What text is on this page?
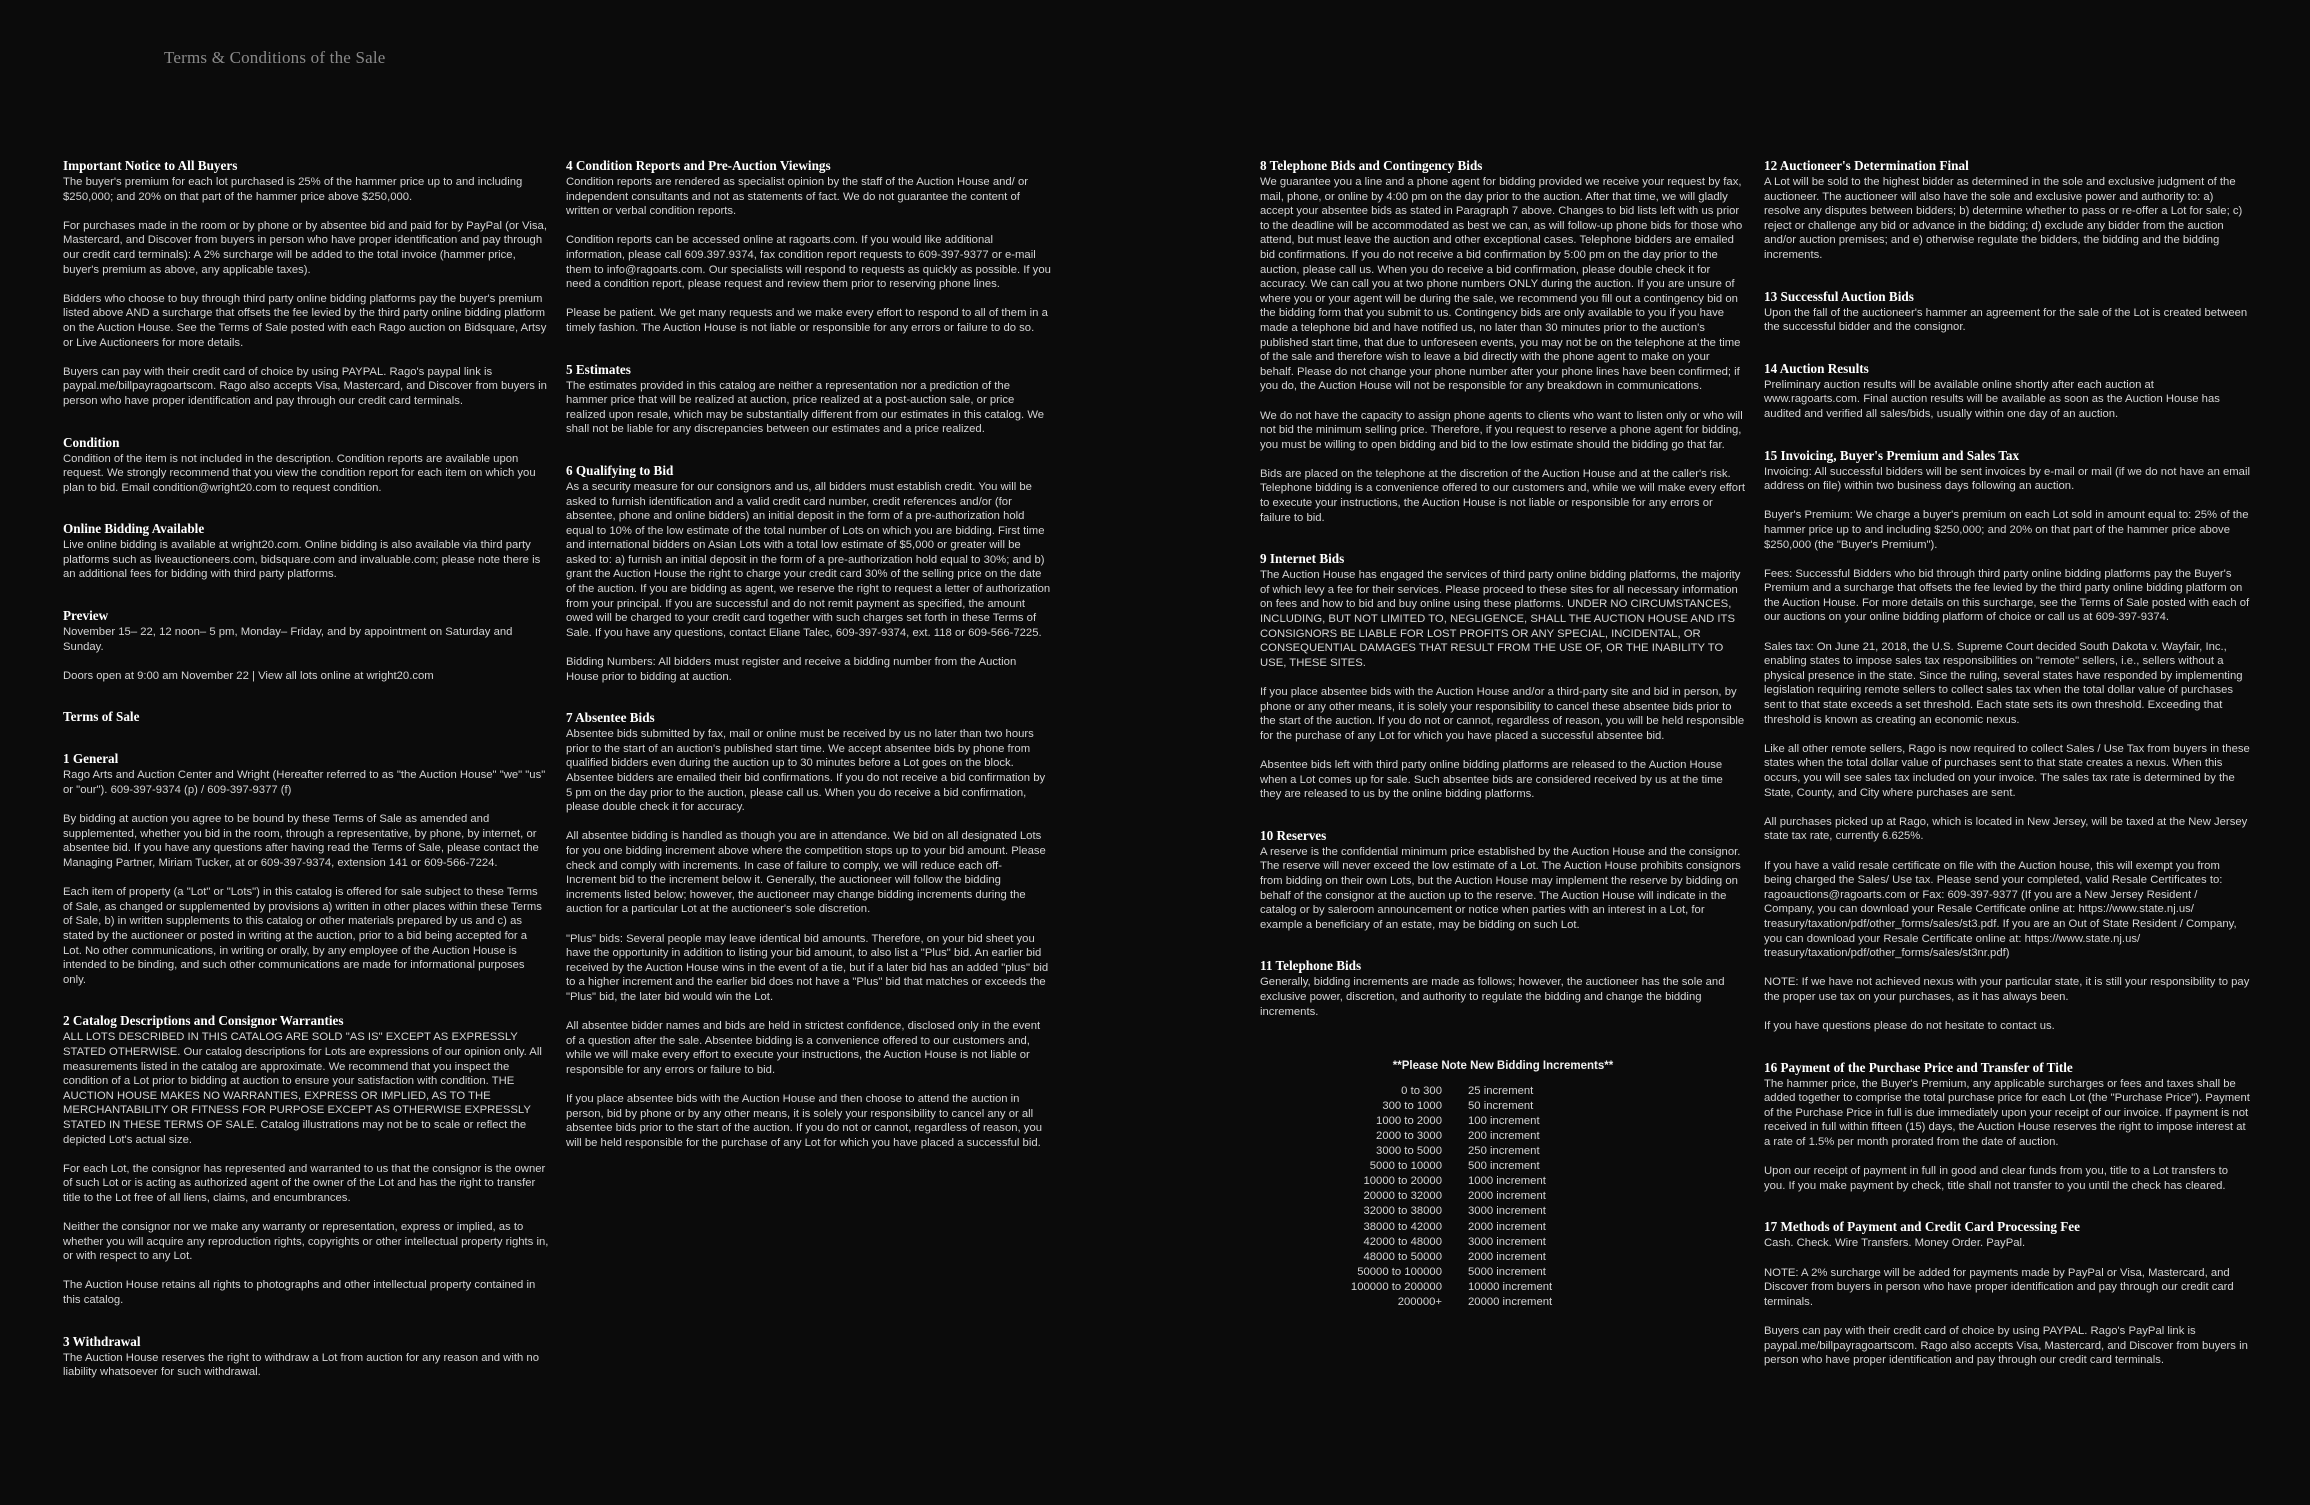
Terms & Conditions of the Sale
Important Notice to All Buyers

The buyer's premium for each lot purchased is 25% of the hammer price up to and including $250,000; and 20% on that part of the hammer price above $250,000.

For purchases made in the room or by phone or by absentee bid and paid for by PayPal (or Visa, Mastercard, and Discover from buyers in person who have proper identification and pay through our credit card terminals): A 2% surcharge will be added to the total invoice (hammer price, buyer's premium as above, any applicable taxes).

Bidders who choose to buy through third party online bidding platforms pay the buyer's premium listed above AND a surcharge that offsets the fee levied by the third party online bidding platform on the Auction House. See the Terms of Sale posted with each Rago auction on Bidsquare, Artsy or Live Auctioneers for more details.

Buyers can pay with their credit card of choice by using PAYPAL. Rago's paypal link is paypal.me/billpayragoartscom. Rago also accepts Visa, Mastercard, and Discover from buyers in person who have proper identification and pay through our credit card terminals.

Condition

Condition of the item is not included in the description. Condition reports are available upon request. We strongly recommend that you view the condition report for each item on which you plan to bid. Email condition@wright20.com to request condition.

Online Bidding Available

Live online bidding is available at wright20.com. Online bidding is also available via third party platforms such as liveauctioneers.com, bidsquare.com and invaluable.com; please note there is an additional fees for bidding with third party platforms.

Preview

November 15– 22, 12 noon– 5 pm, Monday– Friday, and by appointment on Saturday and Sunday.

Doors open at 9:00 am November 22 | View all lots online at wright20.com

Terms of Sale
1 General

Rago Arts and Auction Center and Wright (Hereafter referred to as "the Auction House" "we" "us" or "our"). 609-397-9374 (p) / 609-397-9377 (f)

By bidding at auction you agree to be bound by these Terms of Sale as amended and supplemented, whether you bid in the room, through a representative, by phone, by internet, or absentee bid. If you have any questions after having read the Terms of Sale, please contact the Managing Partner, Miriam Tucker, at or 609-397-9374, extension 141 or 609-566-7224.

Each item of property (a "Lot" or "Lots") in this catalog is offered for sale subject to these Terms of Sale, as changed or supplemented by provisions a) written in other places within these Terms of Sale, b) in written supplements to this catalog or other materials prepared by us and c) as stated by the auctioneer or posted in writing at the auction, prior to a bid being accepted for a Lot. No other communications, in writing or orally, by any employee of the Auction House is intended to be binding, and such other communications are made for informational purposes only.

2 Catalog Descriptions and Consignor Warranties

ALL LOTS DESCRIBED IN THIS CATALOG ARE SOLD "AS IS" EXCEPT AS EXPRESSLY STATED OTHERWISE. Our catalog descriptions for Lots are expressions of our opinion only. All measurements listed in the catalog are approximate. We recommend that you inspect the condition of a Lot prior to bidding at auction to ensure your satisfaction with condition. THE AUCTION HOUSE MAKES NO WARRANTIES, EXPRESS OR IMPLIED, AS TO THE MERCHANTABILITY OR FITNESS FOR PURPOSE EXCEPT AS OTHERWISE EXPRESSLY STATED IN THESE TERMS OF SALE. Catalog illustrations may not be to scale or reflect the depicted Lot's actual size.

For each Lot, the consignor has represented and warranted to us that the consignor is the owner of such Lot or is acting as authorized agent of the owner of the Lot and has the right to transfer title to the Lot free of all liens, claims, and encumbrances.

Neither the consignor nor we make any warranty or representation, express or implied, as to whether you will acquire any reproduction rights, copyrights or other intellectual property rights in, or with respect to any Lot.

The Auction House retains all rights to photographs and other intellectual property contained in this catalog.

3 Withdrawal

The Auction House reserves the right to withdraw a Lot from auction for any reason and with no liability whatsoever for such withdrawal.

4 Condition Reports and Pre-Auction Viewings

Condition reports are rendered as specialist opinion by the staff of the Auction House and/ or independent consultants and not as statements of fact. We do not guarantee the content of written or verbal condition reports.

Condition reports can be accessed online at ragoarts.com. If you would like additional information, please call 609.397.9374, fax condition report requests to 609-397-9377 or e-mail them to info@ragoarts.com. Our specialists will respond to requests as quickly as possible. If you need a condition report, please request and review them prior to reserving phone lines.

Please be patient. We get many requests and we make every effort to respond to all of them in a timely fashion. The Auction House is not liable or responsible for any errors or failure to do so.

5 Estimates

The estimates provided in this catalog are neither a representation nor a prediction of the hammer price that will be realized at auction, price realized at a post-auction sale, or price realized upon resale, which may be substantially different from our estimates in this catalog. We shall not be liable for any discrepancies between our estimates and a price realized.

6 Qualifying to Bid

As a security measure for our consignors and us, all bidders must establish credit. You will be asked to furnish identification and a valid credit card number, credit references and/or (for absentee, phone and online bidders) an initial deposit in the form of a pre-authorization hold equal to 10% of the low estimate of the total number of Lots on which you are bidding. First time and international bidders on Asian Lots with a total low estimate of $5,000 or greater will be asked to: a) furnish an initial deposit in the form of a pre-authorization hold equal to 30%; and b) grant the Auction House the right to charge your credit card 30% of the selling price on the date of the auction. If you are bidding as agent, we reserve the right to request a letter of authorization from your principal. If you are successful and do not remit payment as specified, the amount owed will be charged to your credit card together with such charges set forth in these Terms of Sale. If you have any questions, contact Eliane Talec, 609-397-9374, ext. 118 or 609-566-7225.

Bidding Numbers: All bidders must register and receive a bidding number from the Auction House prior to bidding at auction.

7 Absentee Bids

Absentee bids submitted by fax, mail or online must be received by us no later than two hours prior to the start of an auction's published start time. We accept absentee bids by phone from qualified bidders even during the auction up to 30 minutes before a Lot goes on the block. Absentee bidders are emailed their bid confirmations. If you do not receive a bid confirmation by 5 pm on the day prior to the auction, please call us. When you do receive a bid confirmation, please double check it for accuracy.

All absentee bidding is handled as though you are in attendance. We bid on all designated Lots for you one bidding increment above where the competition stops up to your bid amount. Please check and comply with increments. In case of failure to comply, we will reduce each off-Increment bid to the increment below it. Generally, the auctioneer will follow the bidding increments listed below; however, the auctioneer may change bidding increments during the auction for a particular Lot at the auctioneer's sole discretion.

"Plus" bids: Several people may leave identical bid amounts. Therefore, on your bid sheet you have the opportunity in addition to listing your bid amount, to also list a "Plus" bid. An earlier bid received by the Auction House wins in the event of a tie, but if a later bid has an added "plus" bid to a higher increment and the earlier bid does not have a "Plus" bid that matches or exceeds the "Plus" bid, the later bid would win the Lot.

All absentee bidder names and bids are held in strictest confidence, disclosed only in the event of a question after the sale. Absentee bidding is a convenience offered to our customers and, while we will make every effort to execute your instructions, the Auction House is not liable or responsible for any errors or failure to bid.

If you place absentee bids with the Auction House and then choose to attend the auction in person, bid by phone or by any other means, it is solely your responsibility to cancel any or all absentee bids prior to the start of the auction. If you do not or cannot, regardless of reason, you will be held responsible for the purchase of any Lot for which you have placed a successful bid.

8 Telephone Bids and Contingency Bids

We guarantee you a line and a phone agent for bidding provided we receive your request by fax, mail, phone, or online by 4:00 pm on the day prior to the auction. After that time, we will gladly accept your absentee bids as stated in Paragraph 7 above. Changes to bid lists left with us prior to the deadline will be accommodated as best we can, as will follow-up phone bids for those who attend, but must leave the auction and other exceptional cases. Telephone bidders are emailed bid confirmations. If you do not receive a bid confirmation by 5:00 pm on the day prior to the auction, please call us. When you do receive a bid confirmation, please double check it for accuracy. We can call you at two phone numbers ONLY during the auction. If you are unsure of where you or your agent will be during the sale, we recommend you fill out a contingency bid on the bidding form that you submit to us. Contingency bids are only available to you if you have made a telephone bid and have notified us, no later than 30 minutes prior to the auction's published start time, that due to unforeseen events, you may not be on the telephone at the time of the sale and therefore wish to leave a bid directly with the phone agent to make on your behalf. Please do not change your phone number after your phone lines have been confirmed; if you do, the Auction House will not be responsible for any breakdown in communications.

We do not have the capacity to assign phone agents to clients who want to listen only or who will not bid the minimum selling price. Therefore, if you request to reserve a phone agent for bidding, you must be willing to open bidding and bid to the low estimate should the bidding go that far.

Bids are placed on the telephone at the discretion of the Auction House and at the caller's risk. Telephone bidding is a convenience offered to our customers and, while we will make every effort to execute your instructions, the Auction House is not liable or responsible for any errors or failure to bid.

9 Internet Bids

The Auction House has engaged the services of third party online bidding platforms, the majority of which levy a fee for their services. Please proceed to these sites for all necessary information on fees and how to bid and buy online using these platforms. UNDER NO CIRCUMSTANCES, INCLUDING, BUT NOT LIMITED TO, NEGLIGENCE, SHALL THE AUCTION HOUSE AND ITS CONSIGNORS BE LIABLE FOR LOST PROFITS OR ANY SPECIAL, INCIDENTAL, OR CONSEQUENTIAL DAMAGES THAT RESULT FROM THE USE OF, OR THE INABILITY TO USE, THESE SITES.

If you place absentee bids with the Auction House and/or a third-party site and bid in person, by phone or any other means, it is solely your responsibility to cancel these absentee bids prior to the start of the auction. If you do not or cannot, regardless of reason, you will be held responsible for the purchase of any Lot for which you have placed a successful absentee bid.

Absentee bids left with third party online bidding platforms are released to the Auction House when a Lot comes up for sale. Such absentee bids are considered received by us at the time they are released to us by the online bidding platforms.

10 Reserves

A reserve is the confidential minimum price established by the Auction House and the consignor. The reserve will never exceed the low estimate of a Lot. The Auction House prohibits consignors from bidding on their own Lots, but the Auction House may implement the reserve by bidding on behalf of the consignor at the auction up to the reserve. The Auction House will indicate in the catalog or by saleroom announcement or notice when parties with an interest in a Lot, for example a beneficiary of an estate, may be bidding on such Lot.

11 Telephone Bids

Generally, bidding increments are made as follows; however, the auctioneer has the sole and exclusive power, discretion, and authority to regulate the bidding and change the bidding increments.

**Please Note New Bidding Increments**
0 to 300	25 increment
300 to 1000	50 increment
1000 to 2000	100 increment
2000 to 3000	200 increment
3000 to 5000	250 increment
5000 to 10000	500 increment
10000 to 20000	1000 increment
20000 to 32000	2000 increment
32000 to 38000	3000 increment
38000 to 42000	2000 increment
42000 to 48000	3000 increment
48000 to 50000	2000 increment
50000 to 100000	5000 increment
100000 to 200000	10000 increment
200000+	20000 increment
12 Auctioneer's Determination Final

A Lot will be sold to the highest bidder as determined in the sole and exclusive judgment of the auctioneer. The auctioneer will also have the sole and exclusive power and authority to: a) resolve any disputes between bidders; b) determine whether to pass or re-offer a Lot for sale; c) reject or challenge any bid or advance in the bidding; d) exclude any bidder from the auction and/or auction premises; and e) otherwise regulate the bidders, the bidding and the bidding increments.

13 Successful Auction Bids

Upon the fall of the auctioneer's hammer an agreement for the sale of the Lot is created between the successful bidder and the consignor.

14 Auction Results

Preliminary auction results will be available online shortly after each auction at www.ragoarts.com. Final auction results will be available as soon as the Auction House has audited and verified all sales/bids, usually within one day of an auction.

15 Invoicing, Buyer's Premium and Sales Tax

Invoicing: All successful bidders will be sent invoices by e-mail or mail (if we do not have an email address on file) within two business days following an auction.

Buyer's Premium: We charge a buyer's premium on each Lot sold in amount equal to: 25% of the hammer price up to and including $250,000; and 20% on that part of the hammer price above $250,000 (the "Buyer's Premium").

Fees: Successful Bidders who bid through third party online bidding platforms pay the Buyer's Premium and a surcharge that offsets the fee levied by the third party online bidding platform on the Auction House. For more details on this surcharge, see the Terms of Sale posted with each of our auctions on your online bidding platform of choice or call us at 609-397-9374.

Sales tax: On June 21, 2018, the U.S. Supreme Court decided South Dakota v. Wayfair, Inc., enabling states to impose sales tax responsibilities on "remote" sellers, i.e., sellers without a physical presence in the state. Since the ruling, several states have responded by implementing legislation requiring remote sellers to collect sales tax when the total dollar value of purchases sent to that state exceeds a set threshold. Each state sets its own threshold. Exceeding that threshold is known as creating an economic nexus.

Like all other remote sellers, Rago is now required to collect Sales / Use Tax from buyers in these states when the total dollar value of purchases sent to that state creates a nexus. When this occurs, you will see sales tax included on your invoice. The sales tax rate is determined by the State, County, and City where purchases are sent.

All purchases picked up at Rago, which is located in New Jersey, will be taxed at the New Jersey state tax rate, currently 6.625%.

If you have a valid resale certificate on file with the Auction house, this will exempt you from being charged the Sales/ Use tax. Please send your completed, valid Resale Certificates to: ragoauctions@ragoarts.com or Fax: 609-397-9377 (If you are a New Jersey Resident / Company, you can download your Resale Certificate online at: https://www.state.nj.us/ treasury/taxation/pdf/other_forms/sales/st3.pdf. If you are an Out of State Resident / Company, you can download your Resale Certificate online at: https://www.state.nj.us/ treasury/taxation/pdf/other_forms/sales/st3nr.pdf)

NOTE: If we have not achieved nexus with your particular state, it is still your responsibility to pay the proper use tax on your purchases, as it has always been.

If you have questions please do not hesitate to contact us.

16 Payment of the Purchase Price and Transfer of Title

The hammer price, the Buyer's Premium, any applicable surcharges or fees and taxes shall be added together to comprise the total purchase price for each Lot (the "Purchase Price"). Payment of the Purchase Price in full is due immediately upon your receipt of our invoice. If payment is not received in full within fifteen (15) days, the Auction House reserves the right to impose interest at a rate of 1.5% per month prorated from the date of auction.

Upon our receipt of payment in full in good and clear funds from you, title to a Lot transfers to you. If you make payment by check, title shall not transfer to you until the check has cleared.

17 Methods of Payment and Credit Card Processing Fee

Cash. Check. Wire Transfers. Money Order. PayPal.

NOTE: A 2% surcharge will be added for payments made by PayPal or Visa, Mastercard, and Discover from buyers in person who have proper identification and pay through our credit card terminals.

Buyers can pay with their credit card of choice by using PAYPAL. Rago's PayPal link is paypal.me/billpayragoartscom. Rago also accepts Visa, Mastercard, and Discover from buyers in person who have proper identification and pay through our credit card terminals.
